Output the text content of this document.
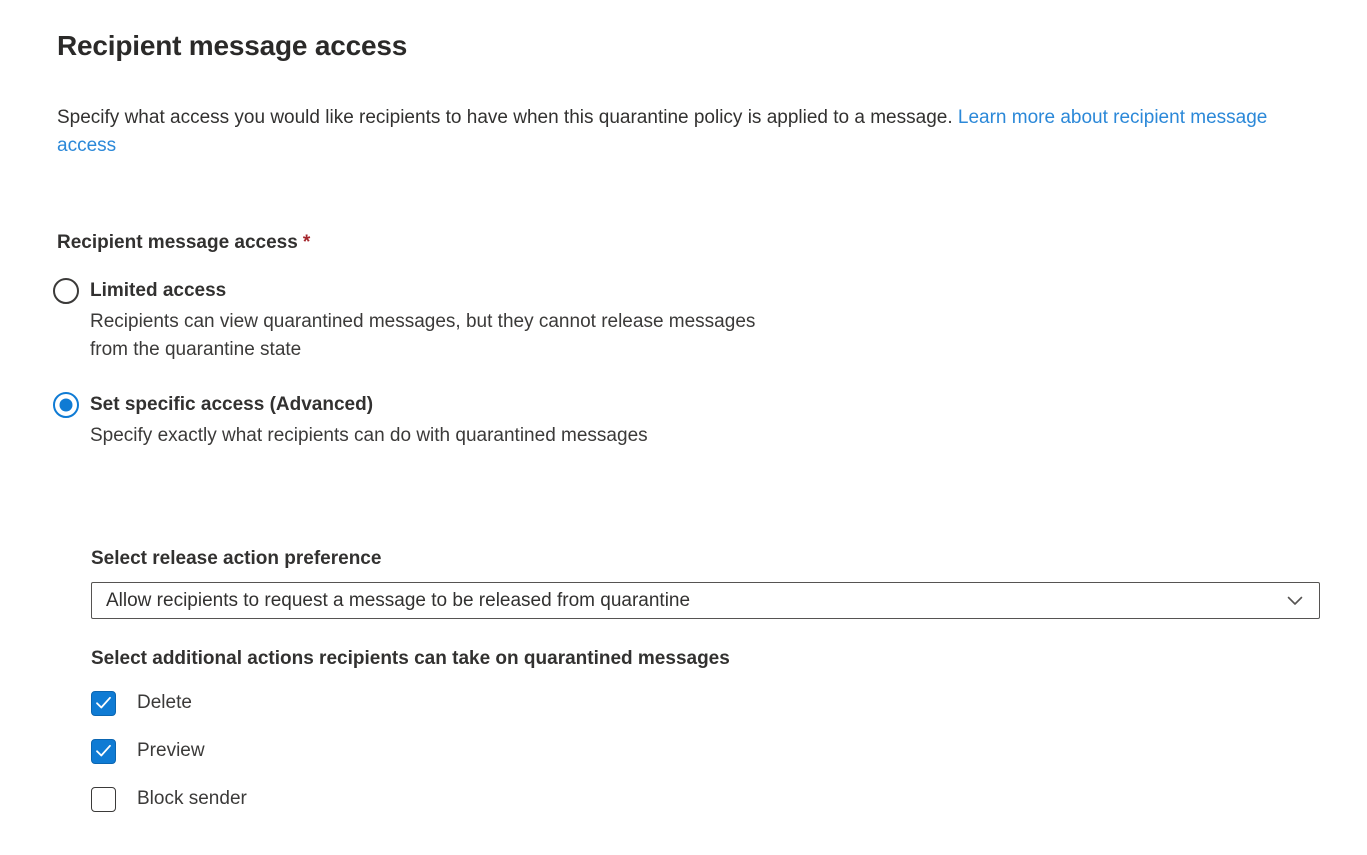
Recipient message access

Specify what access you would like recipients to have when this quarantine policy is applied to a message. Learn more about recipient message access

Recipient message access *
Limited access
Recipients can view quarantined messages, but they cannot release messages from the quarantine state
Set specific access (Advanced)
Specify exactly what recipients can do with quarantined messages
Select release action preference
Allow recipients to request a message to be released from quarantine
Select additional actions recipients can take on quarantined messages
Delete
Preview
Block sender
